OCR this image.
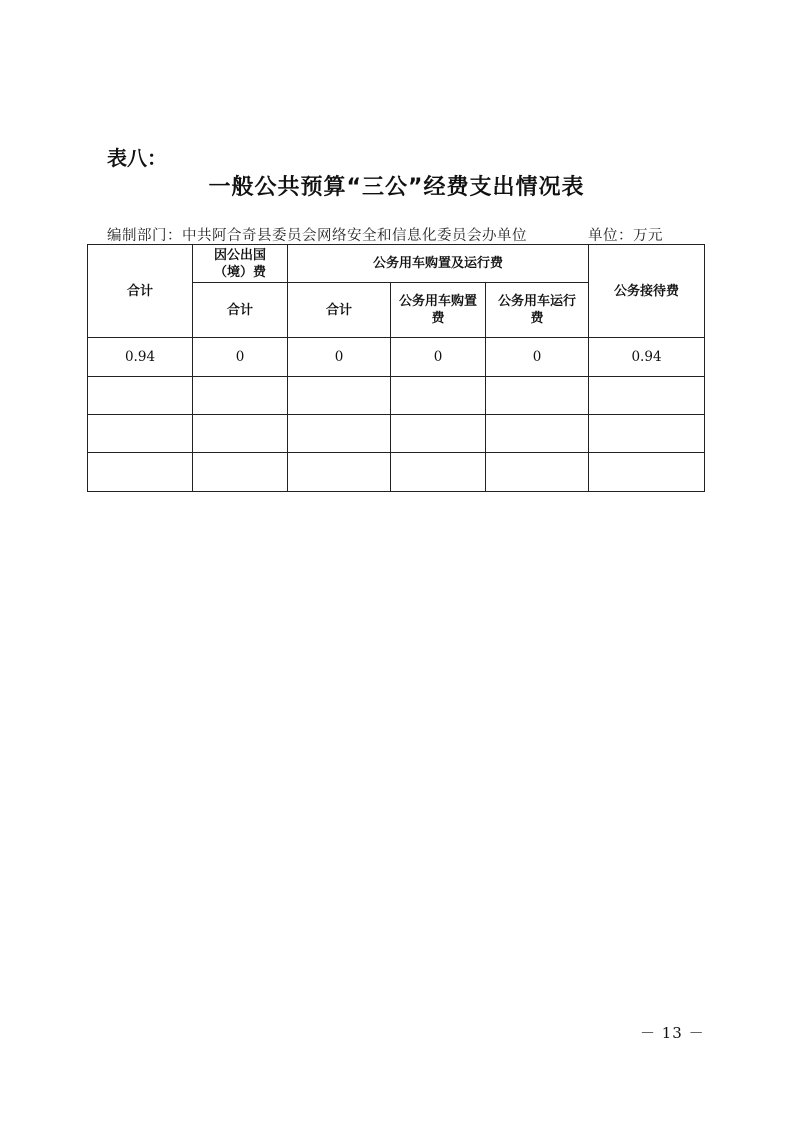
表八：
一般公共预算“三公”经费支出情况表
编制部门：中共阿合奇县委员会网络安全和信息化委员会办单位	单位：万元
合计	因公出国（境）费	公务用车购置及运行费			公务接待费
	合计	合计	公务用车购置费	公务用车运行费	
0.94	0	0	0	0	0.94

－ 13 －
